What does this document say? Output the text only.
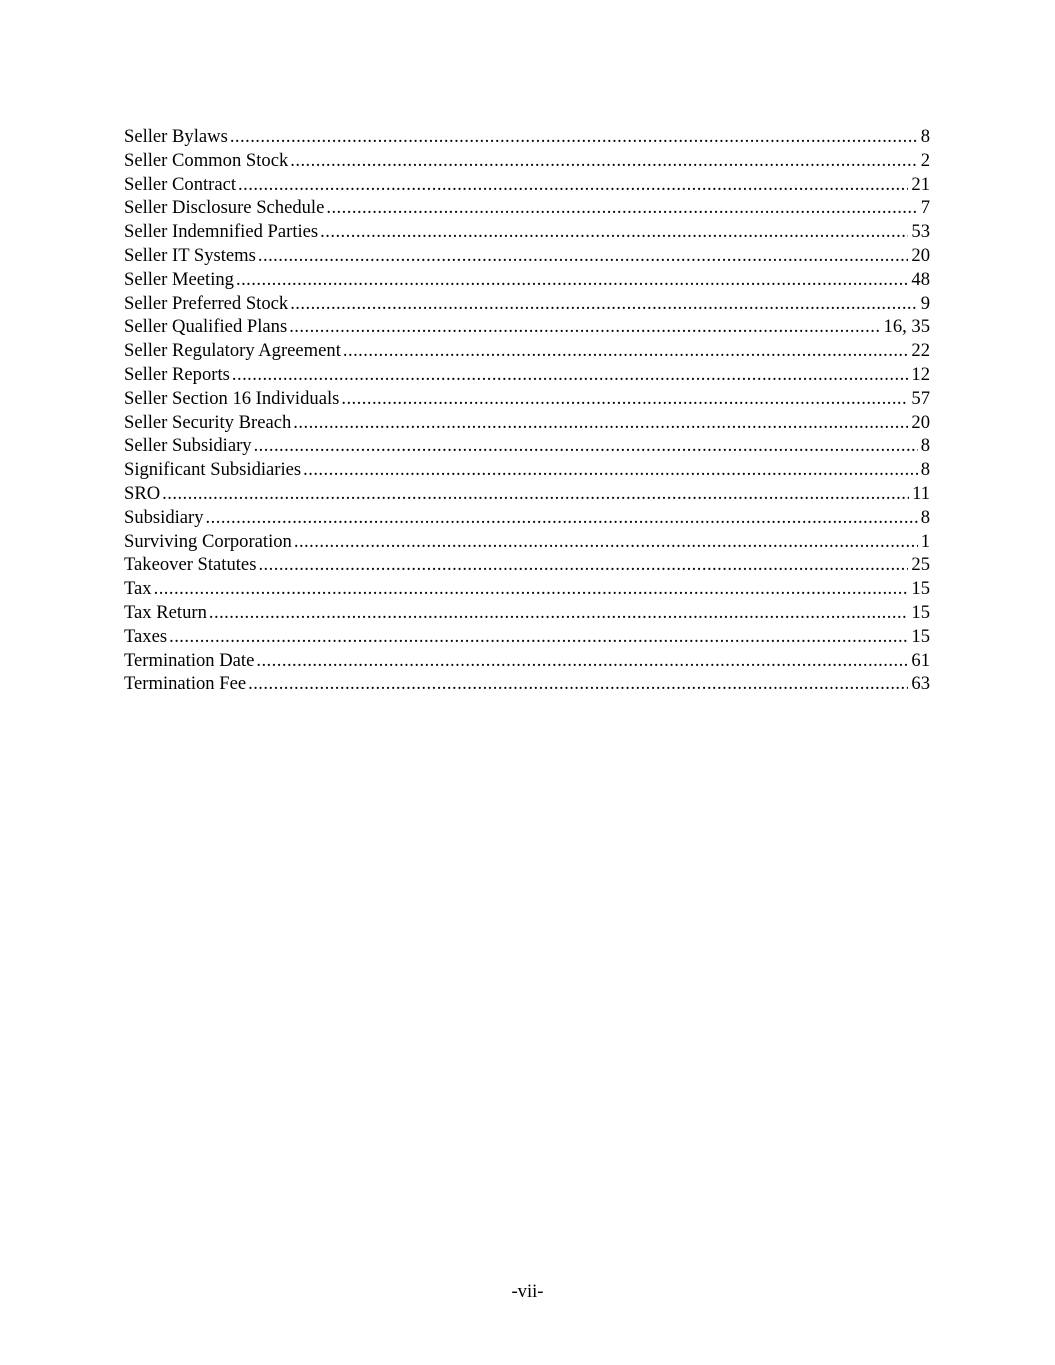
Seller Bylaws . . .	8
Seller Common Stock . . .	2
Seller Contract . . .	21
Seller Disclosure Schedule . . .	7
Seller Indemnified Parties . . .	53
Seller IT Systems . . .	20
Seller Meeting . . .	48
Seller Preferred Stock . . .	9
Seller Qualified Plans . . .	16, 35
Seller Regulatory Agreement . . .	22
Seller Reports . . .	12
Seller Section 16 Individuals . . .	57
Seller Security Breach . . .	20
Seller Subsidiary . . .	8
Significant Subsidiaries . . .	8
SRO . . .	11
Subsidiary . . .	8
Surviving Corporation . . .	1
Takeover Statutes . . .	25
Tax . . .	15
Tax Return . . .	15
Taxes . . .	15
Termination Date . . .	61
Termination Fee . . .	63
-vii-
